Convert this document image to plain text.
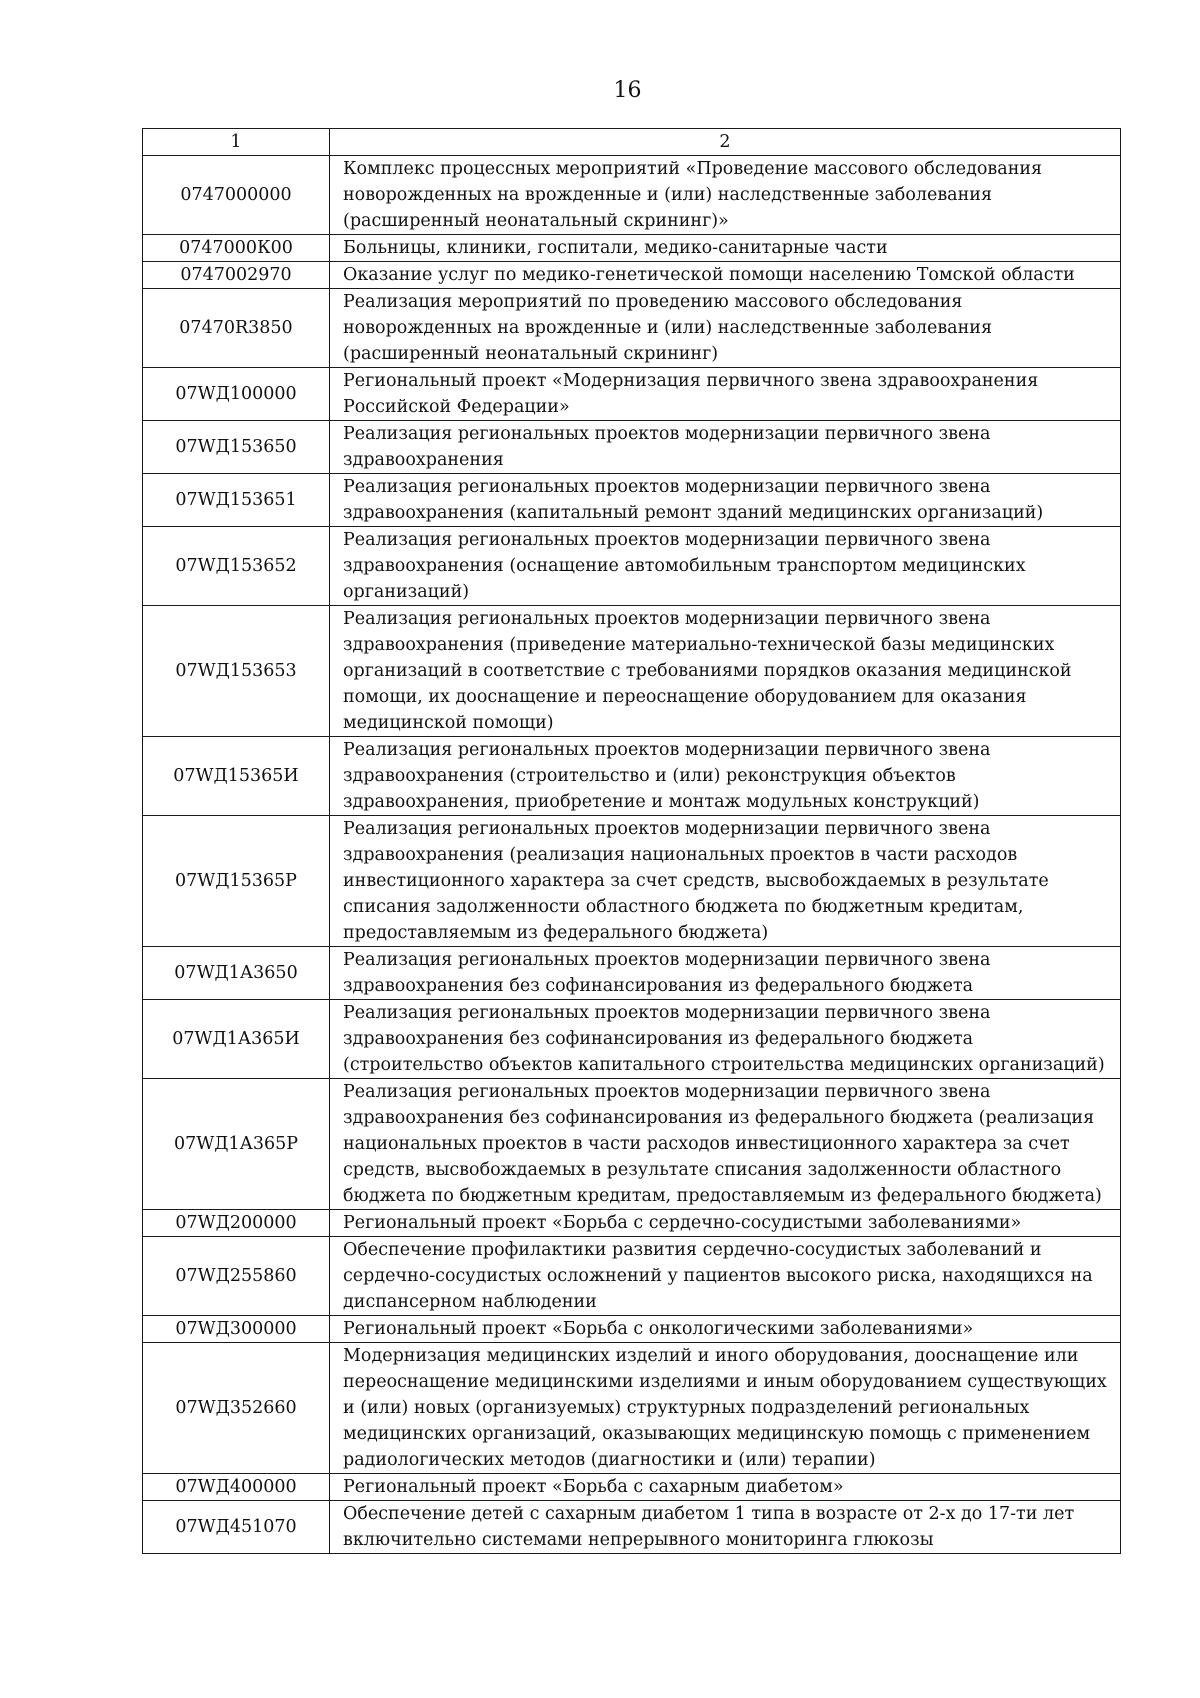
16
1	2
0747000000	Комплекс процессных мероприятий «Проведение массового обследования новорожденных на врожденные и (или) наследственные заболевания (расширенный неонатальный скрининг)»
0747000К00	Больницы, клиники, госпитали, медико-санитарные части
0747002970	Оказание услуг по медико-генетической помощи населению Томской области
07470R3850	Реализация мероприятий по проведению массового обследования новорожденных на врожденные и (или) наследственные заболевания (расширенный неонатальный скрининг)
07WД100000	Региональный проект «Модернизация первичного звена здравоохранения Российской Федерации»
07WД153650	Реализация региональных проектов модернизации первичного звена здравоохранения
07WД153651	Реализация региональных проектов модернизации первичного звена здравоохранения (капитальный ремонт зданий медицинских организаций)
07WД153652	Реализация региональных проектов модернизации первичного звена здравоохранения (оснащение автомобильным транспортом медицинских организаций)
07WД153653	Реализация региональных проектов модернизации первичного звена здравоохранения (приведение материально-технической базы медицинских организаций в соответствие с требованиями порядков оказания медицинской помощи, их дооснащение и переоснащение оборудованием для оказания медицинской помощи)
07WД15365И	Реализация региональных проектов модернизации первичного звена здравоохранения (строительство и (или) реконструкция объектов здравоохранения, приобретение и монтаж модульных конструкций)
07WД15365Р	Реализация региональных проектов модернизации первичного звена здравоохранения (реализация национальных проектов в части расходов инвестиционного характера за счет средств, высвобождаемых в результате списания задолженности областного бюджета по бюджетным кредитам, предоставляемым из федерального бюджета)
07WД1А3650	Реализация региональных проектов модернизации первичного звена здравоохранения без софинансирования из федерального бюджета
07WД1А365И	Реализация региональных проектов модернизации первичного звена здравоохранения без софинансирования из федерального бюджета (строительство объектов капитального строительства медицинских организаций)
07WД1А365Р	Реализация региональных проектов модернизации первичного звена здравоохранения без софинансирования из федерального бюджета (реализация национальных проектов в части расходов инвестиционного характера за счет средств, высвобождаемых в результате списания задолженности областного бюджета по бюджетным кредитам, предоставляемым из федерального бюджета)
07WД200000	Региональный проект «Борьба с сердечно-сосудистыми заболеваниями»
07WД255860	Обеспечение профилактики развития сердечно-сосудистых заболеваний и сердечно-сосудистых осложнений у пациентов высокого риска, находящихся на диспансерном наблюдении
07WД300000	Региональный проект «Борьба с онкологическими заболеваниями»
07WД352660	Модернизация медицинских изделий и иного оборудования, дооснащение или переоснащение медицинскими изделиями и иным оборудованием существующих и (или) новых (организуемых) структурных подразделений региональных медицинских организаций, оказывающих медицинскую помощь с применением радиологических методов (диагностики и (или) терапии)
07WД400000	Региональный проект «Борьба с сахарным диабетом»
07WД451070	Обеспечение детей с сахарным диабетом 1 типа в возрасте от 2-х до 17-ти лет включительно системами непрерывного мониторинга глюкозы
